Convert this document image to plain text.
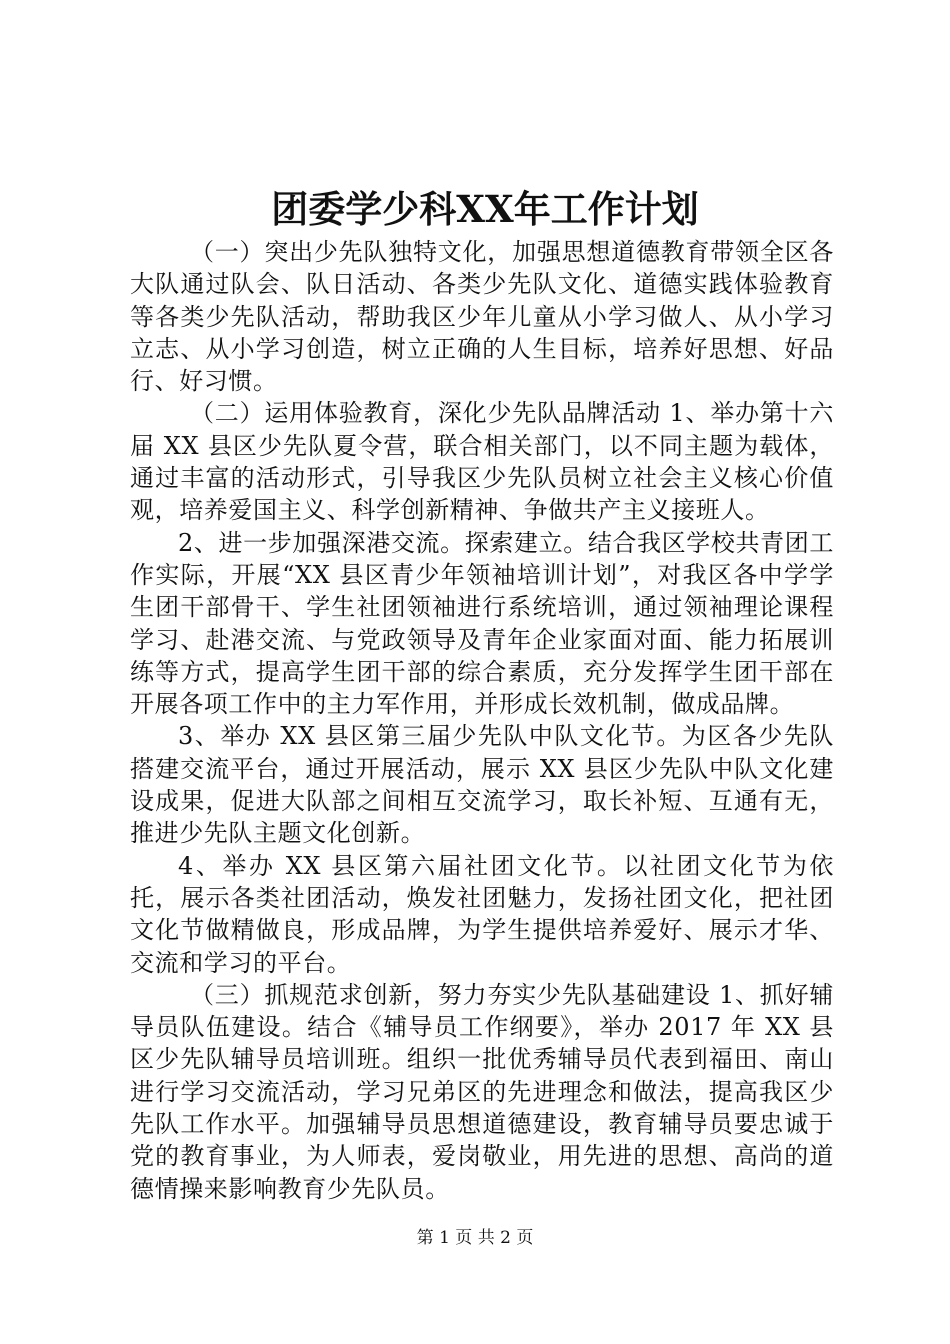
团委学少科XX年工作计划

（一）突出少先队独特文化，加强思想道德教育带领全区各大队通过队会、队日活动、各类少先队文化、道德实践体验教育等各类少先队活动，帮助我区少年儿童从小学习做人、从小学习立志、从小学习创造，树立正确的人生目标，培养好思想、好品行、好习惯。

（二）运用体验教育，深化少先队品牌活动 1、举办第十六届 XX 县区少先队夏令营，联合相关部门，以不同主题为载体，通过丰富的活动形式，引导我区少先队员树立社会主义核心价值观，培养爱国主义、科学创新精神、争做共产主义接班人。

2、进一步加强深港交流。探索建立。结合我区学校共青团工作实际，开展“XX 县区青少年领袖培训计划”，对我区各中学学生团干部骨干、学生社团领袖进行系统培训，通过领袖理论课程学习、赴港交流、与党政领导及青年企业家面对面、能力拓展训练等方式，提高学生团干部的综合素质，充分发挥学生团干部在开展各项工作中的主力军作用，并形成长效机制，做成品牌。

3、举办 XX 县区第三届少先队中队文化节。为区各少先队搭建交流平台，通过开展活动，展示 XX 县区少先队中队文化建设成果，促进大队部之间相互交流学习，取长补短、互通有无，推进少先队主题文化创新。

4、举办 XX 县区第六届社团文化节。以社团文化节为依托，展示各类社团活动，焕发社团魅力，发扬社团文化，把社团文化节做精做良，形成品牌，为学生提供培养爱好、展示才华、交流和学习的平台。

（三）抓规范求创新，努力夯实少先队基础建设 1、抓好辅导员队伍建设。结合《辅导员工作纲要》，举办 2017 年 XX 县区少先队辅导员培训班。组织一批优秀辅导员代表到福田、南山进行学习交流活动，学习兄弟区的先进理念和做法，提高我区少先队工作水平。加强辅导员思想道德建设，教育辅导员要忠诚于党的教育事业，为人师表，爱岗敬业，用先进的思想、高尚的道德情操来影响教育少先队员。

第 1 页 共 2 页
